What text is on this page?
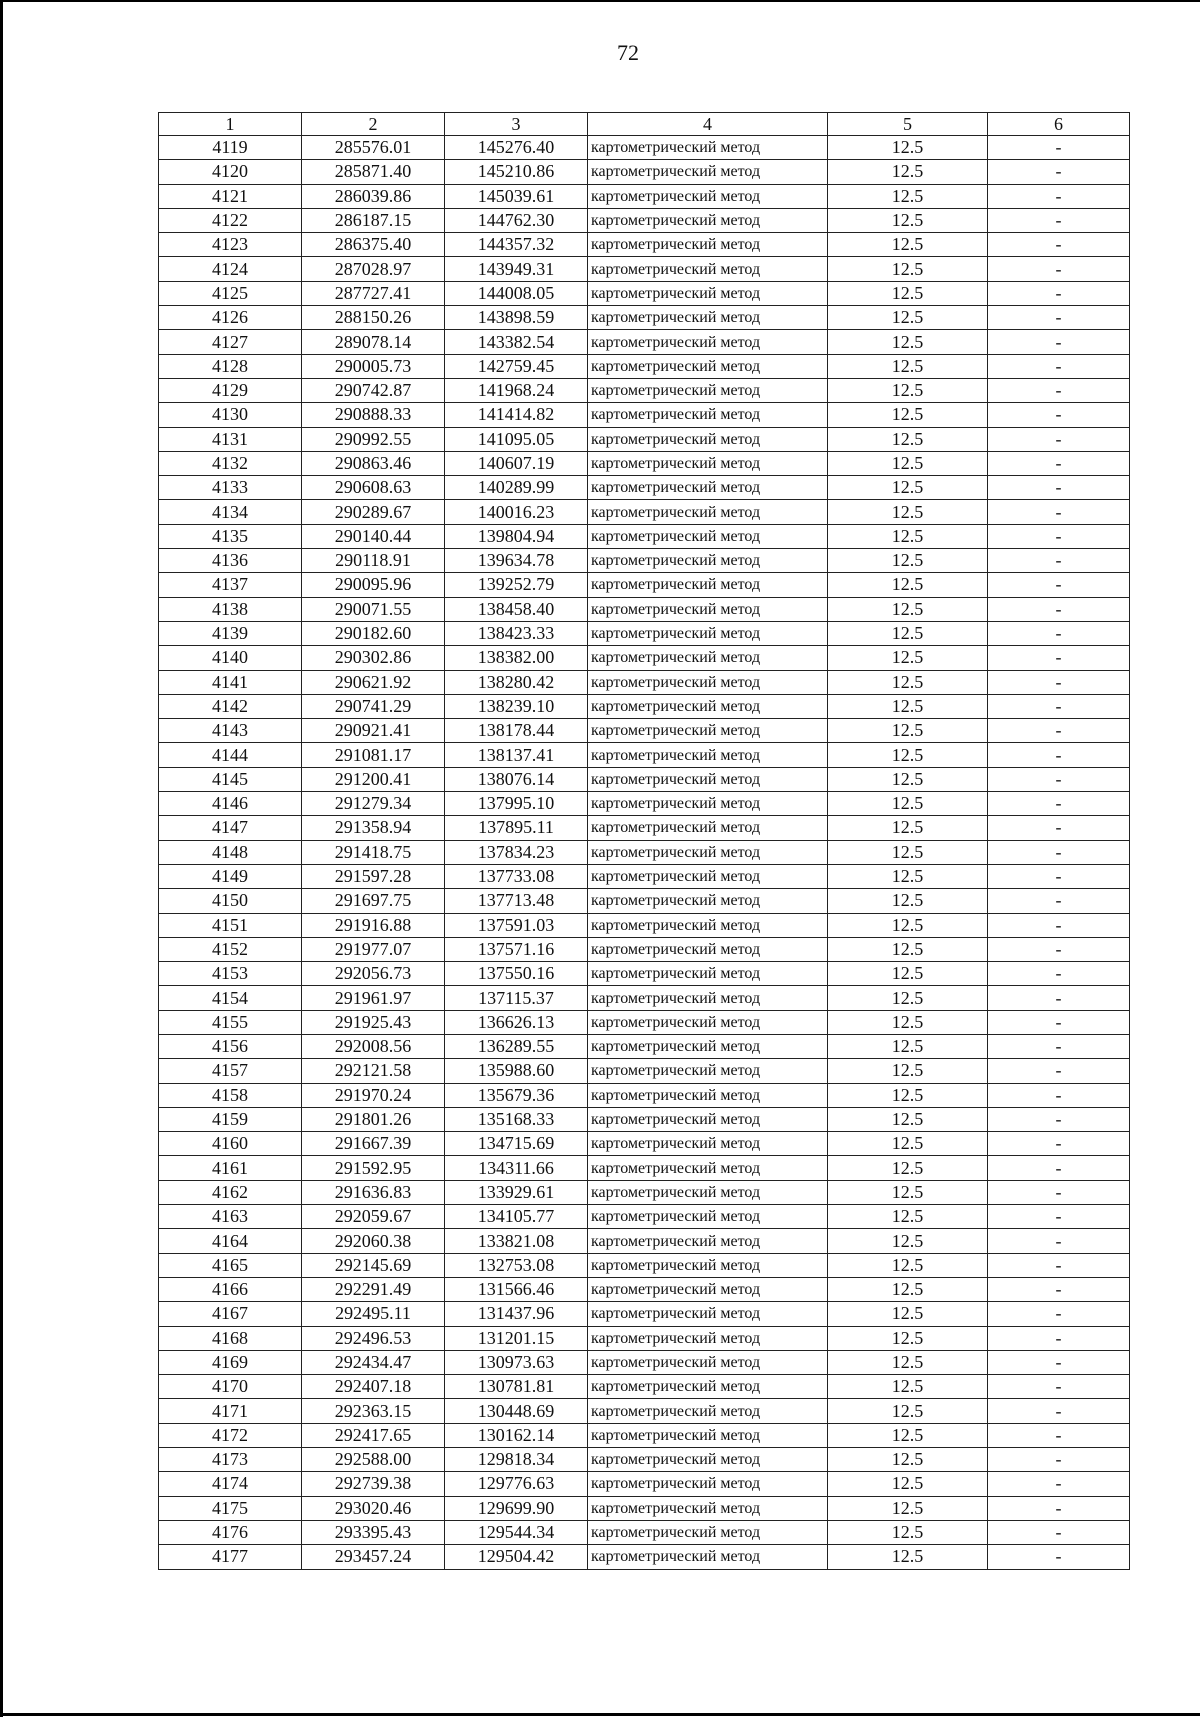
72
1	2	3	4	5	6
4119	285576.01	145276.40	картометрический метод	12.5	-
4120	285871.40	145210.86	картометрический метод	12.5	-
4121	286039.86	145039.61	картометрический метод	12.5	-
4122	286187.15	144762.30	картометрический метод	12.5	-
4123	286375.40	144357.32	картометрический метод	12.5	-
4124	287028.97	143949.31	картометрический метод	12.5	-
4125	287727.41	144008.05	картометрический метод	12.5	-
4126	288150.26	143898.59	картометрический метод	12.5	-
4127	289078.14	143382.54	картометрический метод	12.5	-
4128	290005.73	142759.45	картометрический метод	12.5	-
4129	290742.87	141968.24	картометрический метод	12.5	-
4130	290888.33	141414.82	картометрический метод	12.5	-
4131	290992.55	141095.05	картометрический метод	12.5	-
4132	290863.46	140607.19	картометрический метод	12.5	-
4133	290608.63	140289.99	картометрический метод	12.5	-
4134	290289.67	140016.23	картометрический метод	12.5	-
4135	290140.44	139804.94	картометрический метод	12.5	-
4136	290118.91	139634.78	картометрический метод	12.5	-
4137	290095.96	139252.79	картометрический метод	12.5	-
4138	290071.55	138458.40	картометрический метод	12.5	-
4139	290182.60	138423.33	картометрический метод	12.5	-
4140	290302.86	138382.00	картометрический метод	12.5	-
4141	290621.92	138280.42	картометрический метод	12.5	-
4142	290741.29	138239.10	картометрический метод	12.5	-
4143	290921.41	138178.44	картометрический метод	12.5	-
4144	291081.17	138137.41	картометрический метод	12.5	-
4145	291200.41	138076.14	картометрический метод	12.5	-
4146	291279.34	137995.10	картометрический метод	12.5	-
4147	291358.94	137895.11	картометрический метод	12.5	-
4148	291418.75	137834.23	картометрический метод	12.5	-
4149	291597.28	137733.08	картометрический метод	12.5	-
4150	291697.75	137713.48	картометрический метод	12.5	-
4151	291916.88	137591.03	картометрический метод	12.5	-
4152	291977.07	137571.16	картометрический метод	12.5	-
4153	292056.73	137550.16	картометрический метод	12.5	-
4154	291961.97	137115.37	картометрический метод	12.5	-
4155	291925.43	136626.13	картометрический метод	12.5	-
4156	292008.56	136289.55	картометрический метод	12.5	-
4157	292121.58	135988.60	картометрический метод	12.5	-
4158	291970.24	135679.36	картометрический метод	12.5	-
4159	291801.26	135168.33	картометрический метод	12.5	-
4160	291667.39	134715.69	картометрический метод	12.5	-
4161	291592.95	134311.66	картометрический метод	12.5	-
4162	291636.83	133929.61	картометрический метод	12.5	-
4163	292059.67	134105.77	картометрический метод	12.5	-
4164	292060.38	133821.08	картометрический метод	12.5	-
4165	292145.69	132753.08	картометрический метод	12.5	-
4166	292291.49	131566.46	картометрический метод	12.5	-
4167	292495.11	131437.96	картометрический метод	12.5	-
4168	292496.53	131201.15	картометрический метод	12.5	-
4169	292434.47	130973.63	картометрический метод	12.5	-
4170	292407.18	130781.81	картометрический метод	12.5	-
4171	292363.15	130448.69	картометрический метод	12.5	-
4172	292417.65	130162.14	картометрический метод	12.5	-
4173	292588.00	129818.34	картометрический метод	12.5	-
4174	292739.38	129776.63	картометрический метод	12.5	-
4175	293020.46	129699.90	картометрический метод	12.5	-
4176	293395.43	129544.34	картометрический метод	12.5	-
4177	293457.24	129504.42	картометрический метод	12.5	-
